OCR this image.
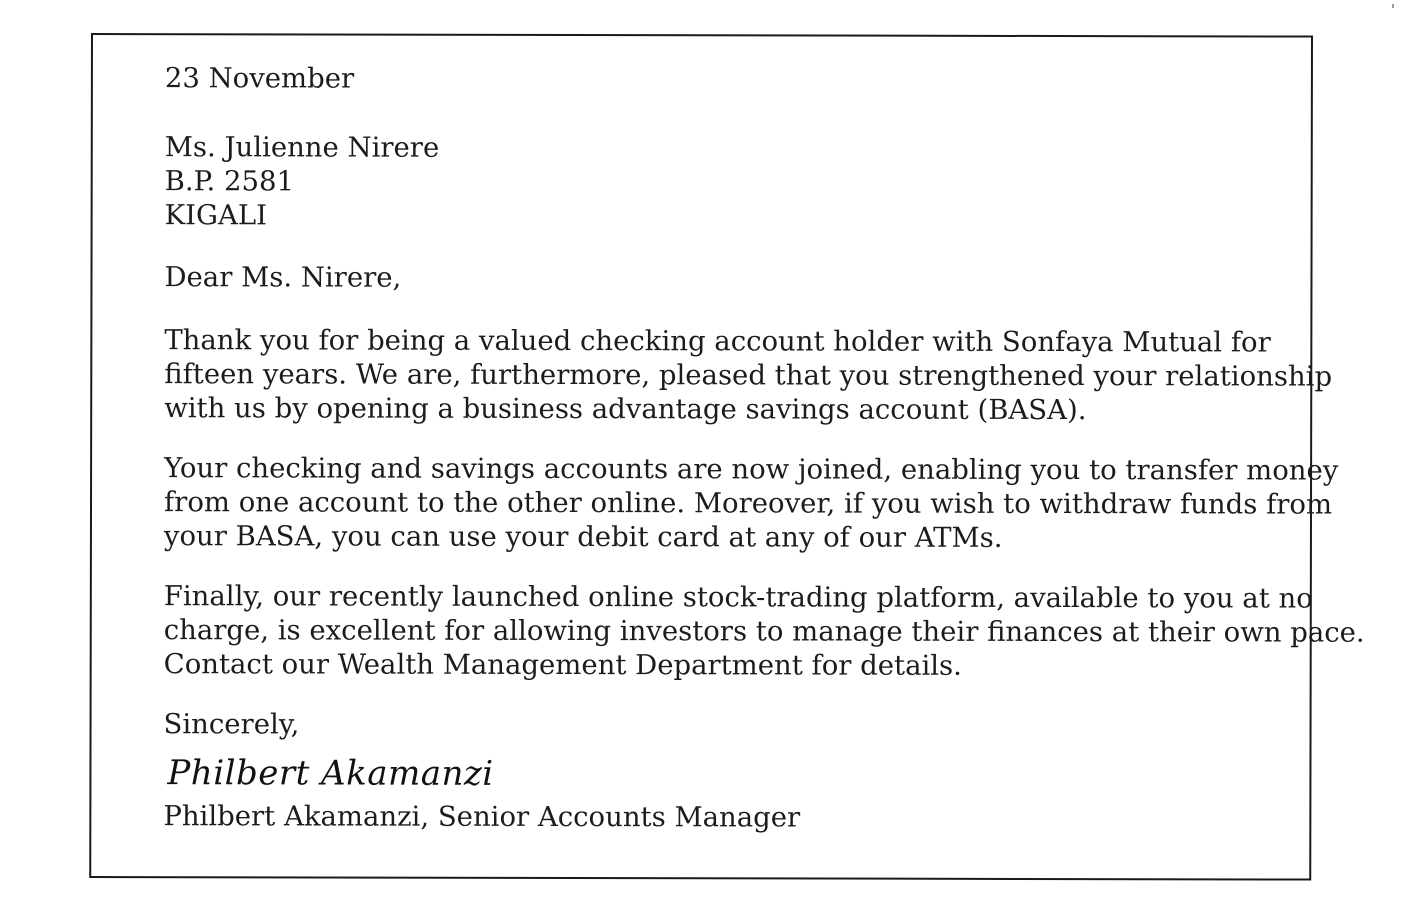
23 November
Ms. Julienne Nirere
B.P. 2581
KIGALI
Dear Ms. Nirere,
Thank you for being a valued checking account holder with Sonfaya Mutual for
fifteen years. We are, furthermore, pleased that you strengthened your relationship
with us by opening a business advantage savings account (BASA).
Your checking and savings accounts are now joined, enabling you to transfer money
from one account to the other online. Moreover, if you wish to withdraw funds from
your BASA, you can use your debit card at any of our ATMs.
Finally, our recently launched online stock-trading platform, available to you at no
charge, is excellent for allowing investors to manage their finances at their own pace.
Contact our Wealth Management Department for details.
Sincerely,
Philbert Akamanzi
Philbert Akamanzi, Senior Accounts Manager
